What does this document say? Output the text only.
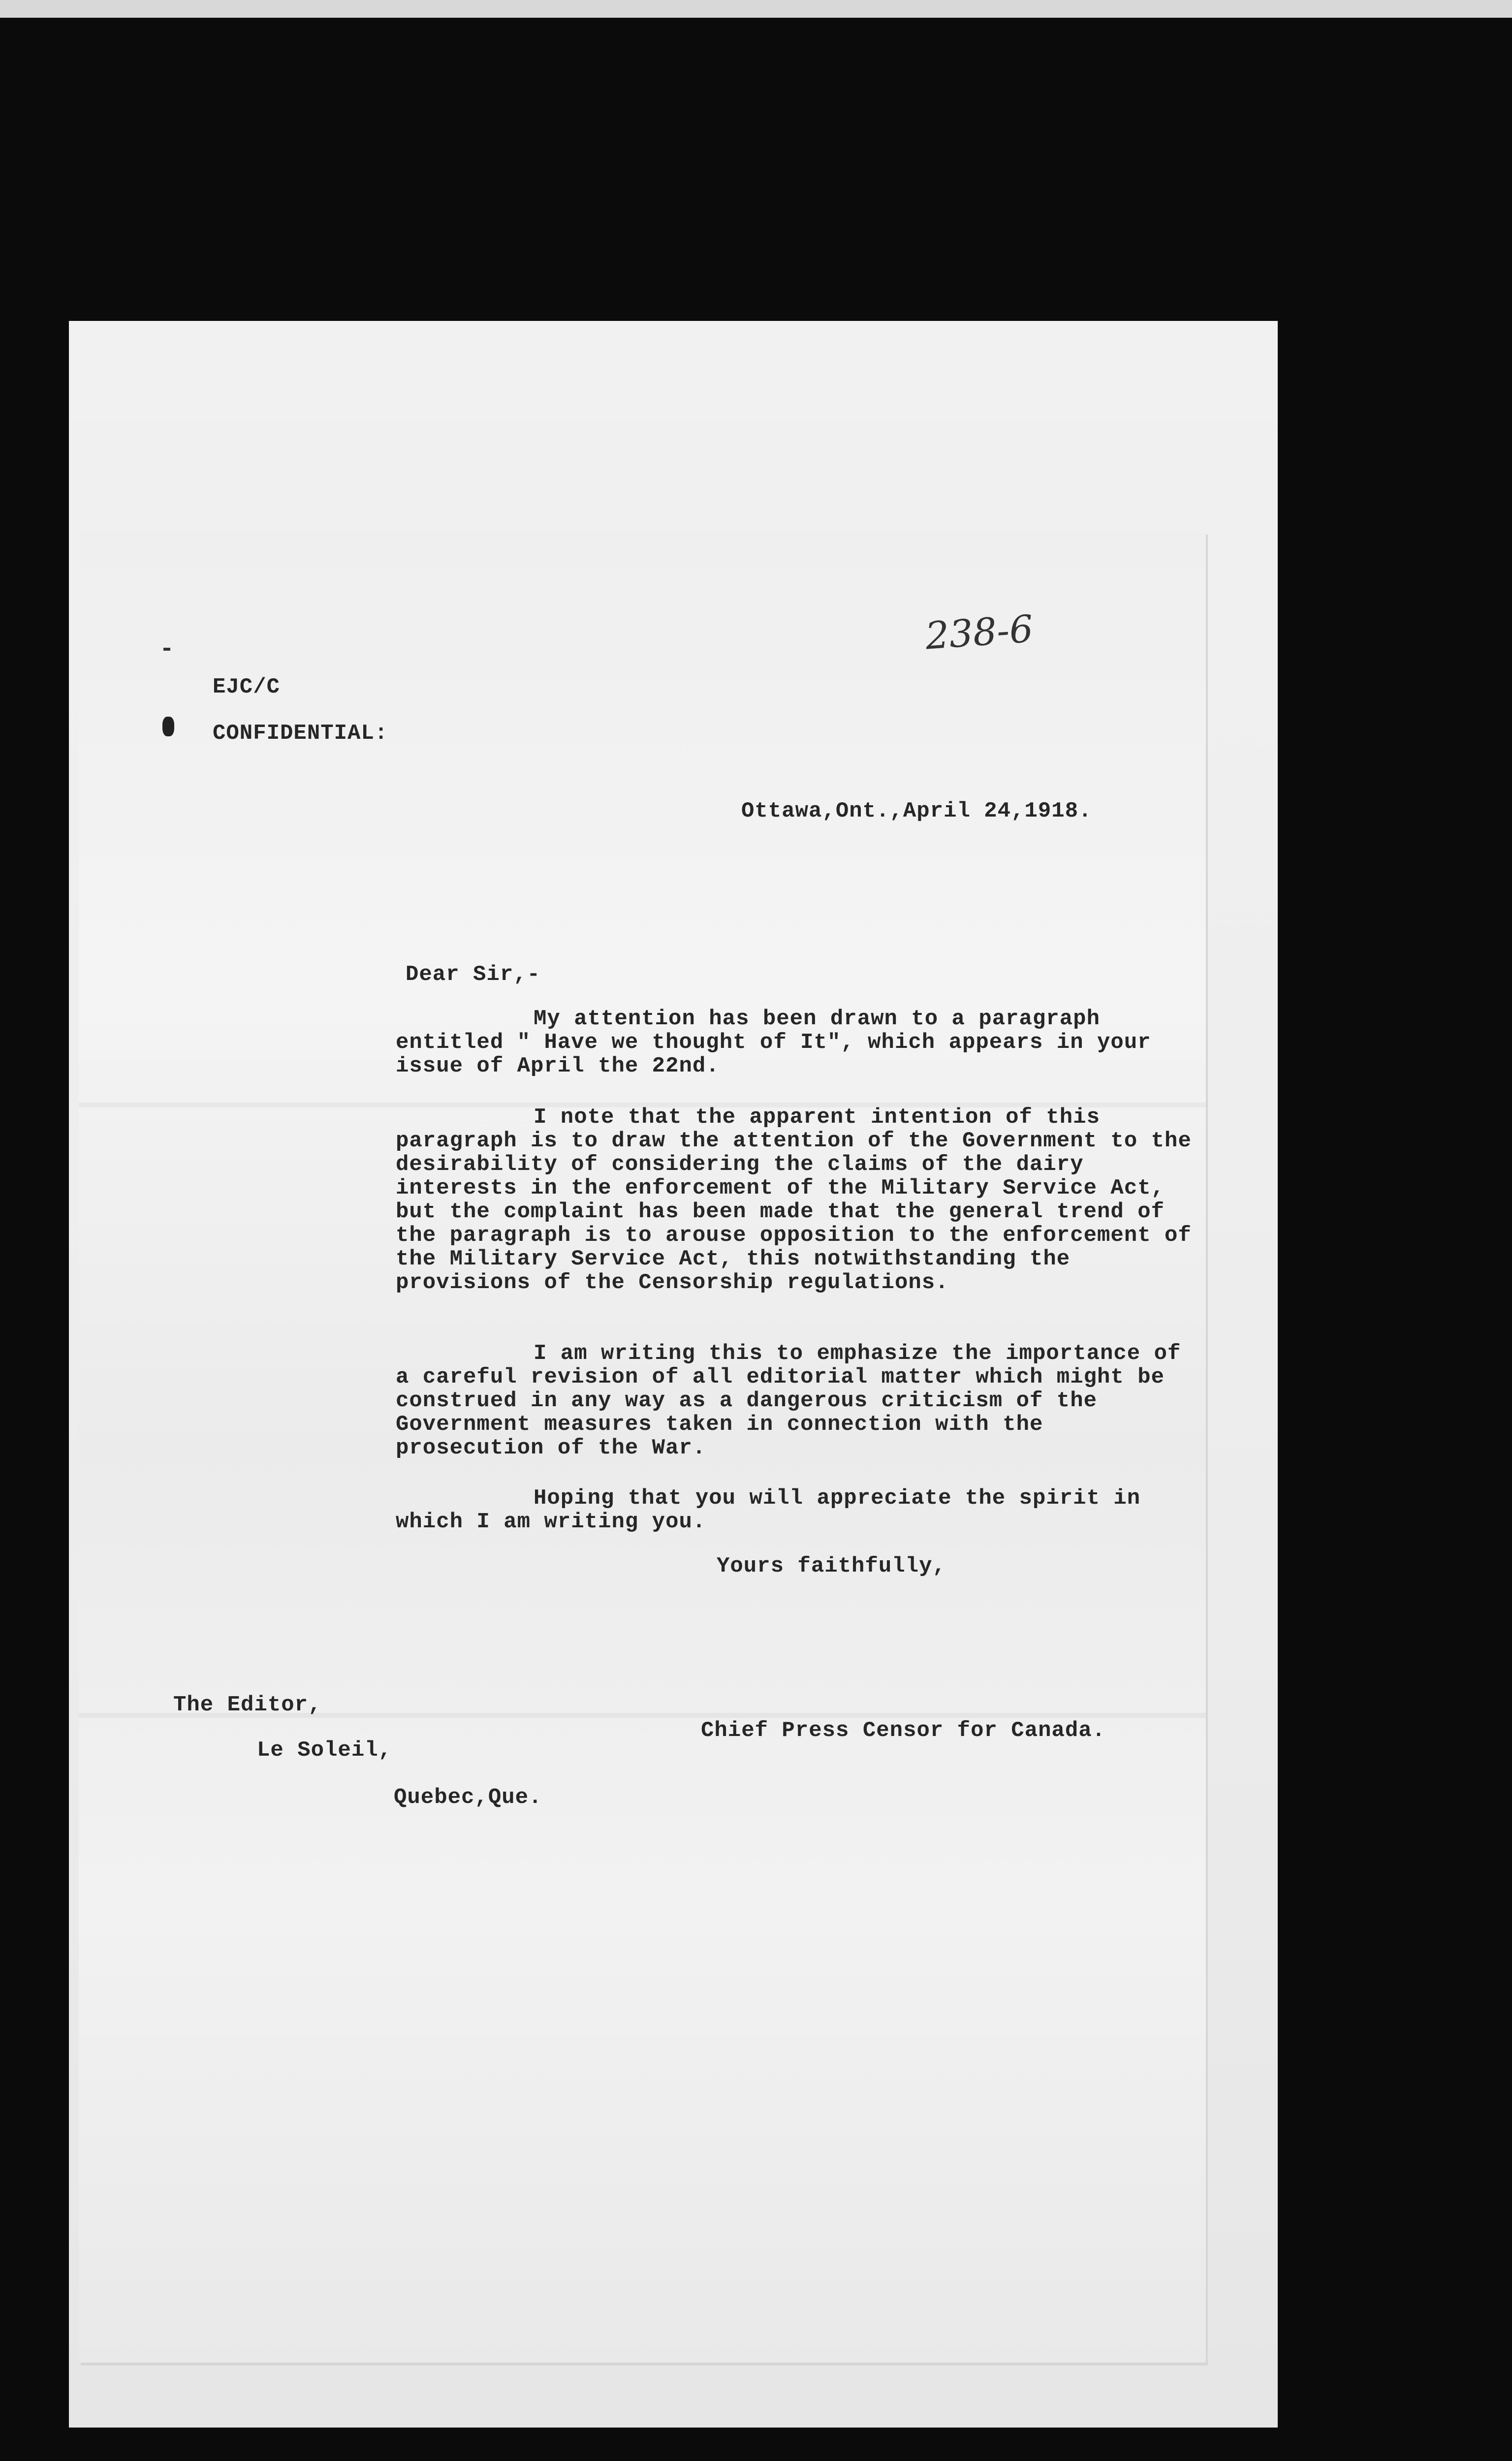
238-6
EJC/C
CONFIDENTIAL:
Ottawa,Ont.,April 24,1918.
Dear Sir,-
My attention has been drawn to a paragraph entitled " Have we thought of It", which appears in your issue of April the 22nd.
I note that the apparent intention of this paragraph is to draw the attention of the Government to the desirability of considering the claims of the dairy interests in the enforcement of the Military Service Act, but the complaint has been made that the general trend of the paragraph is to arouse opposition to the enforcement of the Military Service Act, this notwithstanding the provisions of the Censorship regulations.
I am writing this to emphasize the importance of a careful revision of all editorial matter which might be construed in any way as a dangerous criticism of the Government measures taken in connection with the prosecution of the War.
Hoping that you will appreciate the spirit in which I am writing you.
Yours faithfully,
The Editor,
Le Soleil,
Quebec,Que.
Chief Press Censor for Canada.
